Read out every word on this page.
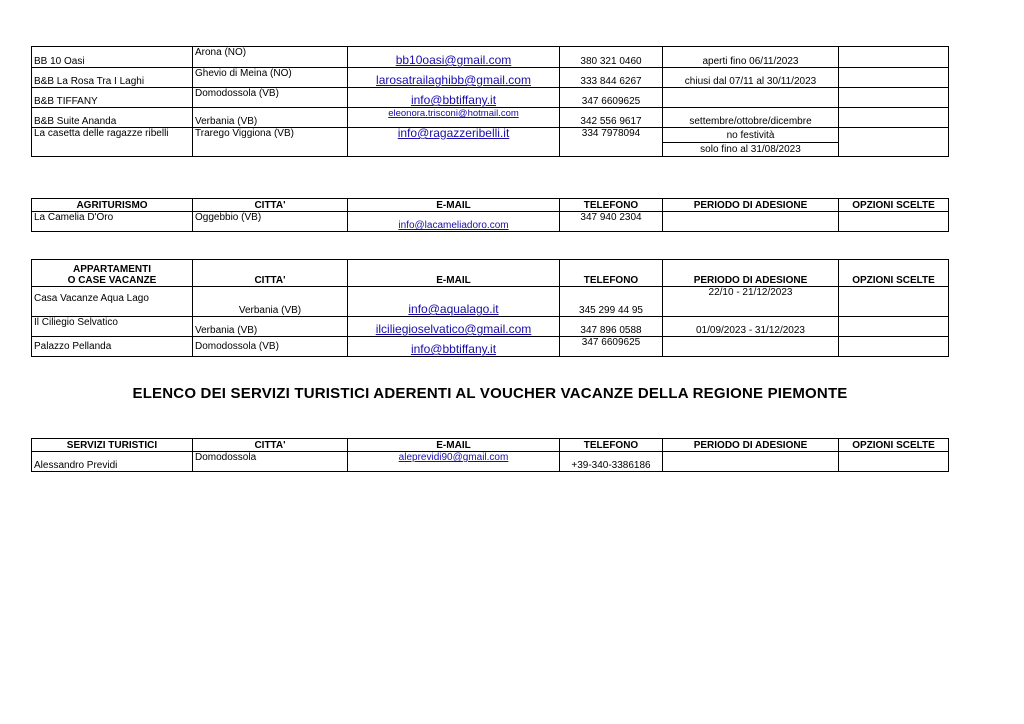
BB 10 Oasi	Arona (NO)	bb10oasi@gmail.com	380 321 0460	aperti fino 06/11/2023	
B&B La Rosa Tra I Laghi	Ghevio di Meina (NO)	larosatrailaghibb@gmail.com	333 844 6267	chiusi dal 07/11 al 30/11/2023	
B&B TIFFANY	Domodossola (VB)	info@bbtiffany.it	347 6609625		
B&B Suite Ananda	Verbania (VB)	eleonora.trisconi@hotmail.com	342 556 9617	settembre/ottobre/dicembre	
La casetta delle ragazze ribelli	Trarego Viggiona (VB)	info@ragazzeribelli.it	334 7978094	no festività	
				solo fino al 31/08/2023	
AGRITURISMO	CITTA'	E-MAIL	TELEFONO	PERIODO DI ADESIONE	OPZIONI SCELTE
La Camelia D'Oro	Oggebbio (VB)	info@lacameliadoro.com	347 940 2304		
APPARTAMENTI
O CASE VACANZE	CITTA'	E-MAIL	TELEFONO	PERIODO DI ADESIONE	OPZIONI SCELTE
Casa Vacanze Aqua Lago	Verbania (VB)	info@aqualago.it	345 299 44 95	22/10 - 21/12/2023	
Il Ciliegio Selvatico	Verbania (VB)	ilciliegioselvatico@gmail.com	347 896 0588	01/09/2023 - 31/12/2023	
Palazzo Pellanda	Domodossola (VB)	info@bbtiffany.it	347 6609625		
ELENCO DEI SERVIZI TURISTICI ADERENTI AL VOUCHER VACANZE DELLA REGIONE PIEMONTE
SERVIZI TURISTICI	CITTA'	E-MAIL	TELEFONO	PERIODO DI ADESIONE	OPZIONI SCELTE
Alessandro Previdi	Domodossola	aleprevidi90@gmail.com	+39-340-3386186		
